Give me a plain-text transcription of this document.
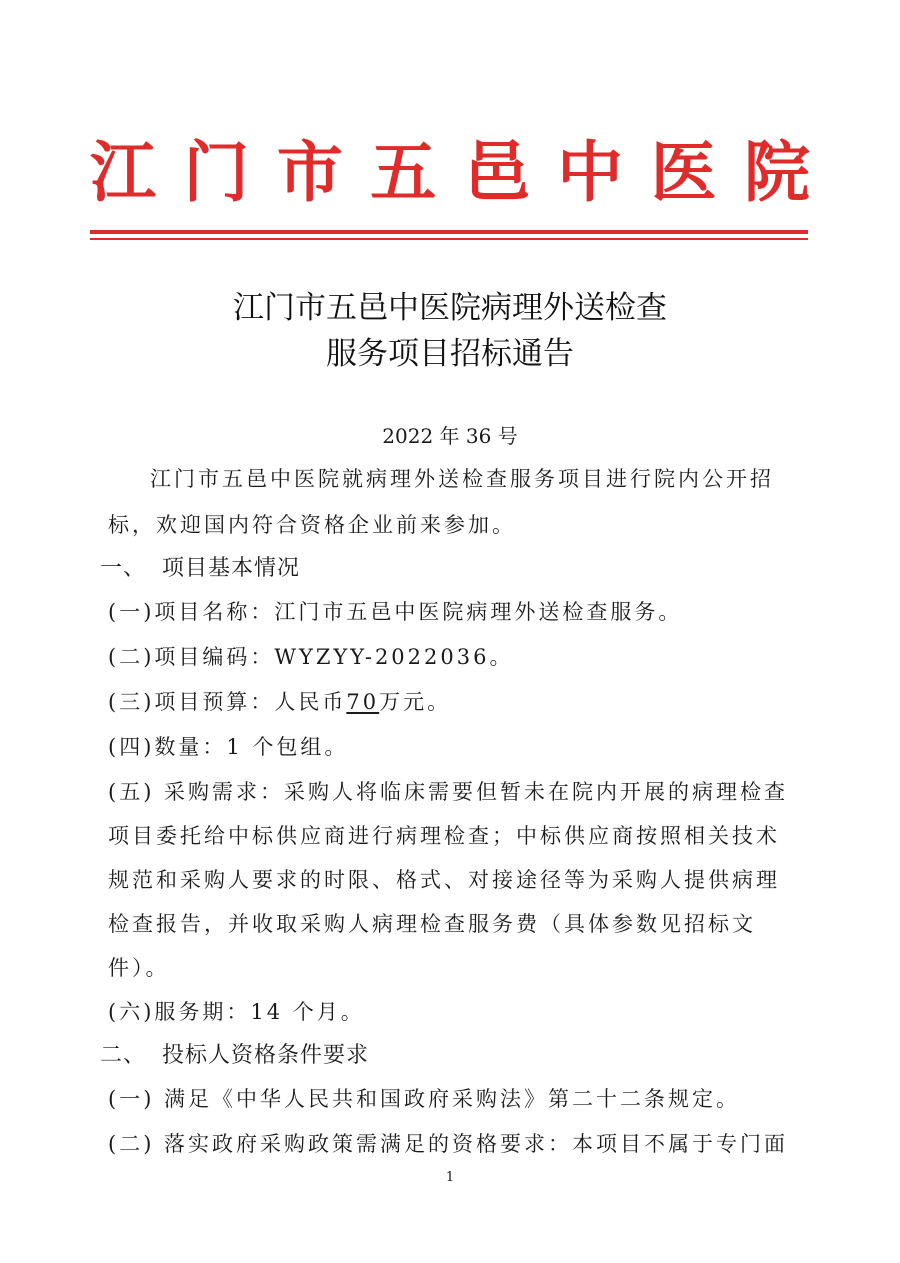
江 门 市 五 邑 中 医 院
江门市五邑中医院病理外送检查
服务项目招标通告
2022 年 36 号
江门市五邑中医院就病理外送检查服务项目进行院内公开招
标，欢迎国内符合资格企业前来参加。
一、 项目基本情况
(一)项目名称：江门市五邑中医院病理外送检查服务。
(二)项目编码：WYZYY-2022036。
(三)项目预算：人民币70万元。
(四)数量：1 个包组。
(五) 采购需求：采购人将临床需要但暂未在院内开展的病理检查
项目委托给中标供应商进行病理检查；中标供应商按照相关技术
规范和采购人要求的时限、格式、对接途径等为采购人提供病理
检查报告，并收取采购人病理检查服务费（具体参数见招标文
件）。
(六)服务期：14 个月。
二、 投标人资格条件要求
(一) 满足《中华人民共和国政府采购法》第二十二条规定。
(二) 落实政府采购政策需满足的资格要求：本项目不属于专门面
1
